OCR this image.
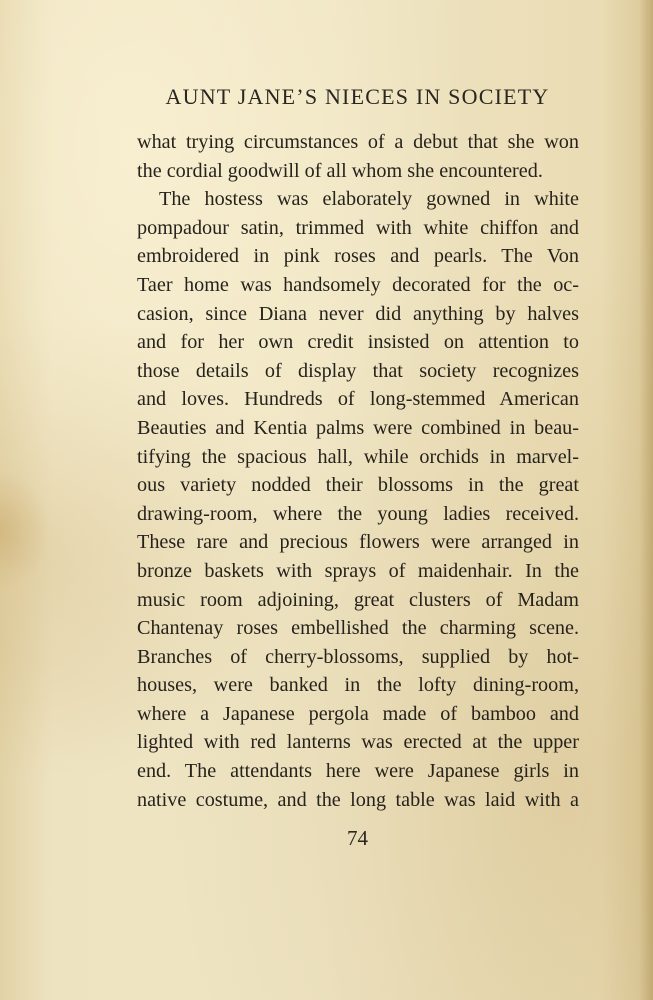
AUNT JANE’S NIECES IN SOCIETY
what trying circumstances of a debut that she won
the cordial goodwill of all whom she encountered.
The hostess was elaborately gowned in white
pompadour satin, trimmed with white chiffon and
embroidered in pink roses and pearls. The Von
Taer home was handsomely decorated for the oc-
casion, since Diana never did anything by halves
and for her own credit insisted on attention to
those details of display that society recognizes
and loves. Hundreds of long-stemmed American
Beauties and Kentia palms were combined in beau-
tifying the spacious hall, while orchids in marvel-
ous variety nodded their blossoms in the great
drawing-room, where the young ladies received.
These rare and precious flowers were arranged in
bronze baskets with sprays of maidenhair. In the
music room adjoining, great clusters of Madam
Chantenay roses embellished the charming scene.
Branches of cherry-blossoms, supplied by hot-
houses, were banked in the lofty dining-room,
where a Japanese pergola made of bamboo and
lighted with red lanterns was erected at the upper
end. The attendants here were Japanese girls in
native costume, and the long table was laid with a
74
